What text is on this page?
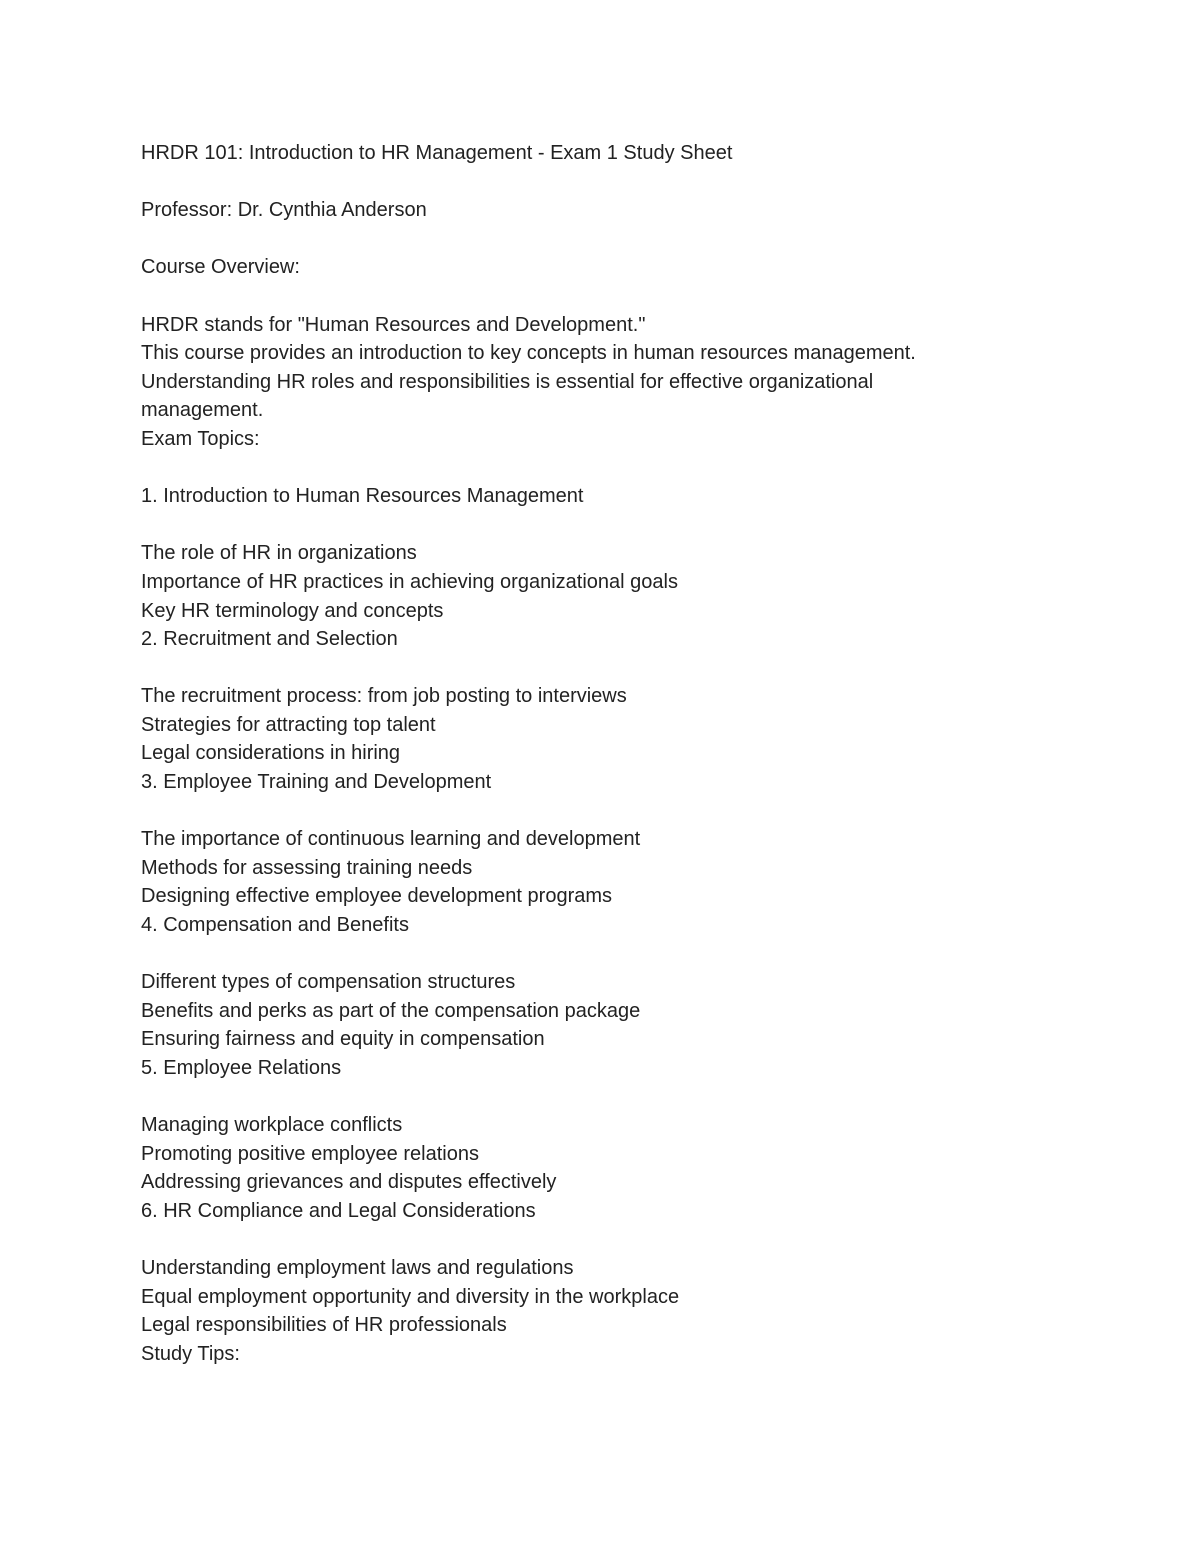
HRDR 101: Introduction to HR Management - Exam 1 Study Sheet
Professor: Dr. Cynthia Anderson
Course Overview:
HRDR stands for "Human Resources and Development."
This course provides an introduction to key concepts in human resources management.
Understanding HR roles and responsibilities is essential for effective organizational
management.
Exam Topics:
1. Introduction to Human Resources Management
The role of HR in organizations
Importance of HR practices in achieving organizational goals
Key HR terminology and concepts
2. Recruitment and Selection
The recruitment process: from job posting to interviews
Strategies for attracting top talent
Legal considerations in hiring
3. Employee Training and Development
The importance of continuous learning and development
Methods for assessing training needs
Designing effective employee development programs
4. Compensation and Benefits
Different types of compensation structures
Benefits and perks as part of the compensation package
Ensuring fairness and equity in compensation
5. Employee Relations
Managing workplace conflicts
Promoting positive employee relations
Addressing grievances and disputes effectively
6. HR Compliance and Legal Considerations
Understanding employment laws and regulations
Equal employment opportunity and diversity in the workplace
Legal responsibilities of HR professionals
Study Tips:
